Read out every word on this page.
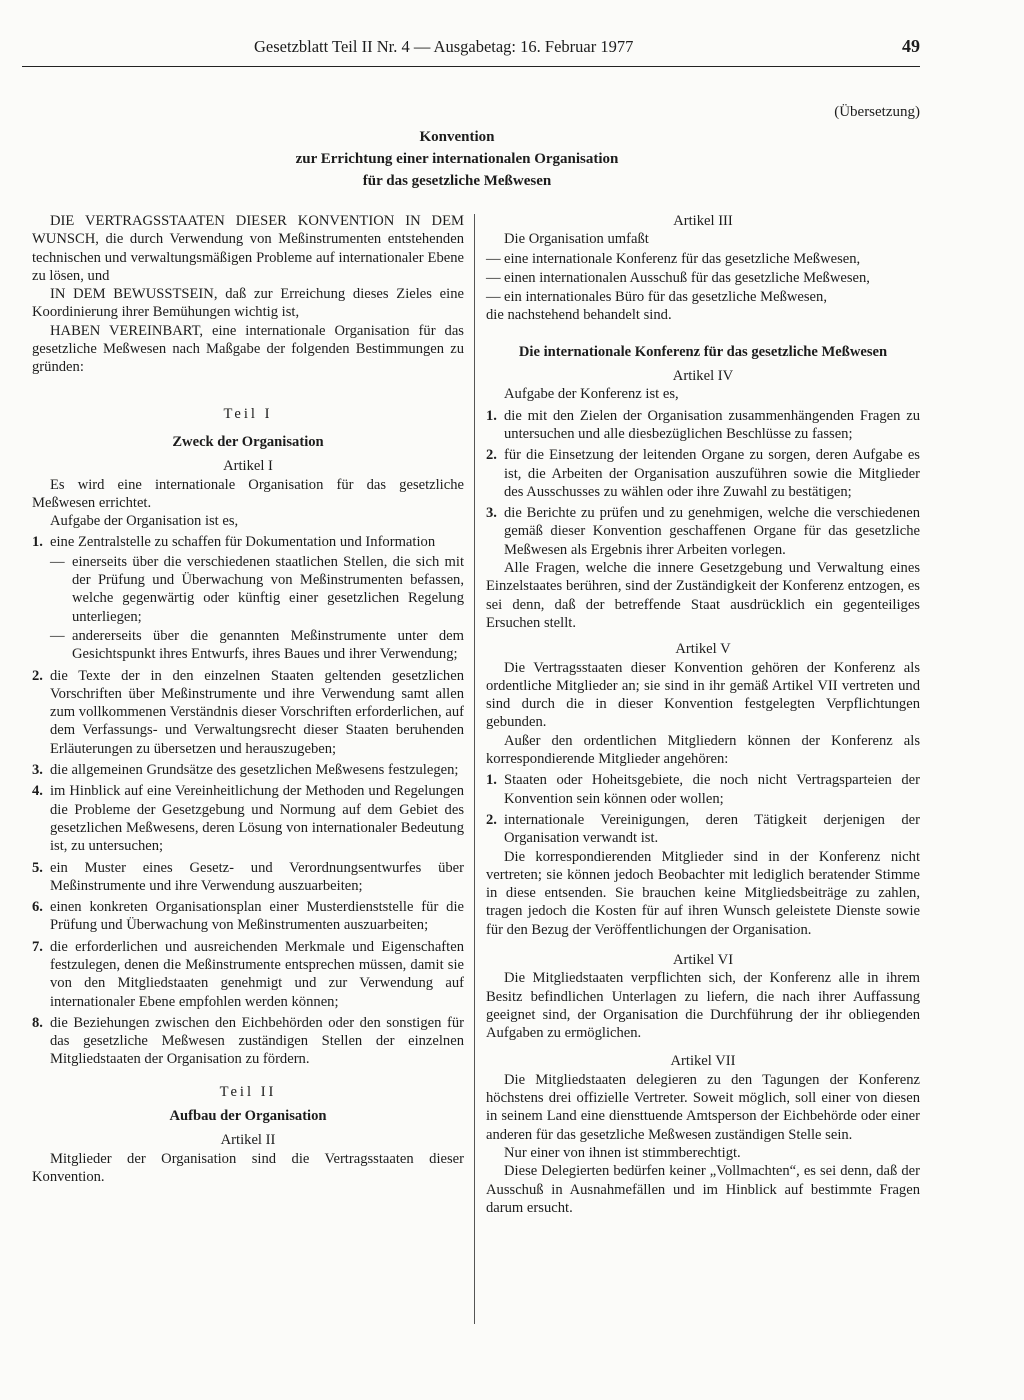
Gesetzblatt Teil II Nr. 4 — Ausgabetag: 16. Februar 1977	49
(Übersetzung)
Konvention
zur Errichtung einer internationalen Organisation
für das gesetzliche Meßwesen

DIE VERTRAGSSTAATEN DIESER KONVENTION IN DEM WUNSCH, die durch Verwendung von Meßinstrumenten entstehenden technischen und verwaltungsmäßigen Probleme auf internationaler Ebene zu lösen, und

IN DEM BEWUSSTSEIN, daß zur Erreichung dieses Zieles eine Koordinierung ihrer Bemühungen wichtig ist,

HABEN VEREINBART, eine internationale Organisation für das gesetzliche Meßwesen nach Maßgabe der folgenden Bestimmungen zu gründen:

Teil I

Zweck der Organisation

Artikel I

Es wird eine internationale Organisation für das gesetzliche Meßwesen errichtet.

Aufgabe der Organisation ist es,

1. eine Zentralstelle zu schaffen für Dokumentation und Information
— einerseits über die verschiedenen staatlichen Stellen, die sich mit der Prüfung und Überwachung von Meßinstrumenten befassen, welche gegenwärtig oder künftig einer gesetzlichen Regelung unterliegen;
— andererseits über die genannten Meßinstrumente unter dem Gesichtspunkt ihres Entwurfs, ihres Baues und ihrer Verwendung;
2. die Texte der in den einzelnen Staaten geltenden gesetzlichen Vorschriften über Meßinstrumente und ihre Verwendung samt allen zum vollkommenen Verständnis dieser Vorschriften erforderlichen, auf dem Verfassungs- und Verwaltungsrecht dieser Staaten beruhenden Erläuterungen zu übersetzen und herauszugeben;
3. die allgemeinen Grundsätze des gesetzlichen Meßwesens festzulegen;
4. im Hinblick auf eine Vereinheitlichung der Methoden und Regelungen die Probleme der Gesetzgebung und Normung auf dem Gebiet des gesetzlichen Meßwesens, deren Lösung von internationaler Bedeutung ist, zu untersuchen;
5. ein Muster eines Gesetz- und Verordnungsentwurfes über Meßinstrumente und ihre Verwendung auszuarbeiten;
6. einen konkreten Organisationsplan einer Musterdienststelle für die Prüfung und Überwachung von Meßinstrumenten auszuarbeiten;
7. die erforderlichen und ausreichenden Merkmale und Eigenschaften festzulegen, denen die Meßinstrumente entsprechen müssen, damit sie von den Mitgliedstaaten genehmigt und zur Verwendung auf internationaler Ebene empfohlen werden können;
8. die Beziehungen zwischen den Eichbehörden oder den sonstigen für das gesetzliche Meßwesen zuständigen Stellen der einzelnen Mitgliedstaaten der Organisation zu fördern.

Teil II

Aufbau der Organisation

Artikel II

Mitglieder der Organisation sind die Vertragsstaaten dieser Konvention.

Artikel III

Die Organisation umfaßt

— eine internationale Konferenz für das gesetzliche Meßwesen,
— einen internationalen Ausschuß für das gesetzliche Meßwesen,
— ein internationales Büro für das gesetzliche Meßwesen,

die nachstehend behandelt sind.

Die internationale Konferenz für das gesetzliche Meßwesen

Artikel IV

Aufgabe der Konferenz ist es,

1. die mit den Zielen der Organisation zusammenhängenden Fragen zu untersuchen und alle diesbezüglichen Beschlüsse zu fassen;
2. für die Einsetzung der leitenden Organe zu sorgen, deren Aufgabe es ist, die Arbeiten der Organisation auszuführen sowie die Mitglieder des Ausschusses zu wählen oder ihre Zuwahl zu bestätigen;
3. die Berichte zu prüfen und zu genehmigen, welche die verschiedenen gemäß dieser Konvention geschaffenen Organe für das gesetzliche Meßwesen als Ergebnis ihrer Arbeiten vorlegen.

Alle Fragen, welche die innere Gesetzgebung und Verwaltung eines Einzelstaates berühren, sind der Zuständigkeit der Konferenz entzogen, es sei denn, daß der betreffende Staat ausdrücklich ein gegenteiliges Ersuchen stellt.

Artikel V

Die Vertragsstaaten dieser Konvention gehören der Konferenz als ordentliche Mitglieder an; sie sind in ihr gemäß Artikel VII vertreten und sind durch die in dieser Konvention festgelegten Verpflichtungen gebunden.

Außer den ordentlichen Mitgliedern können der Konferenz als korrespondierende Mitglieder angehören:

1. Staaten oder Hoheitsgebiete, die noch nicht Vertragsparteien der Konvention sein können oder wollen;
2. internationale Vereinigungen, deren Tätigkeit derjenigen der Organisation verwandt ist.

Die korrespondierenden Mitglieder sind in der Konferenz nicht vertreten; sie können jedoch Beobachter mit lediglich beratender Stimme in diese entsenden. Sie brauchen keine Mitgliedsbeiträge zu zahlen, tragen jedoch die Kosten für auf ihren Wunsch geleistete Dienste sowie für den Bezug der Veröffentlichungen der Organisation.

Artikel VI

Die Mitgliedstaaten verpflichten sich, der Konferenz alle in ihrem Besitz befindlichen Unterlagen zu liefern, die nach ihrer Auffassung geeignet sind, der Organisation die Durchführung der ihr obliegenden Aufgaben zu ermöglichen.

Artikel VII

Die Mitgliedstaaten delegieren zu den Tagungen der Konferenz höchstens drei offizielle Vertreter. Soweit möglich, soll einer von diesen in seinem Land eine diensttuende Amtsperson der Eichbehörde oder einer anderen für das gesetzliche Meßwesen zuständigen Stelle sein.

Nur einer von ihnen ist stimmberechtigt.

Diese Delegierten bedürfen keiner „Vollmachten“, es sei denn, daß der Ausschuß in Ausnahmefällen und im Hinblick auf bestimmte Fragen darum ersucht.
